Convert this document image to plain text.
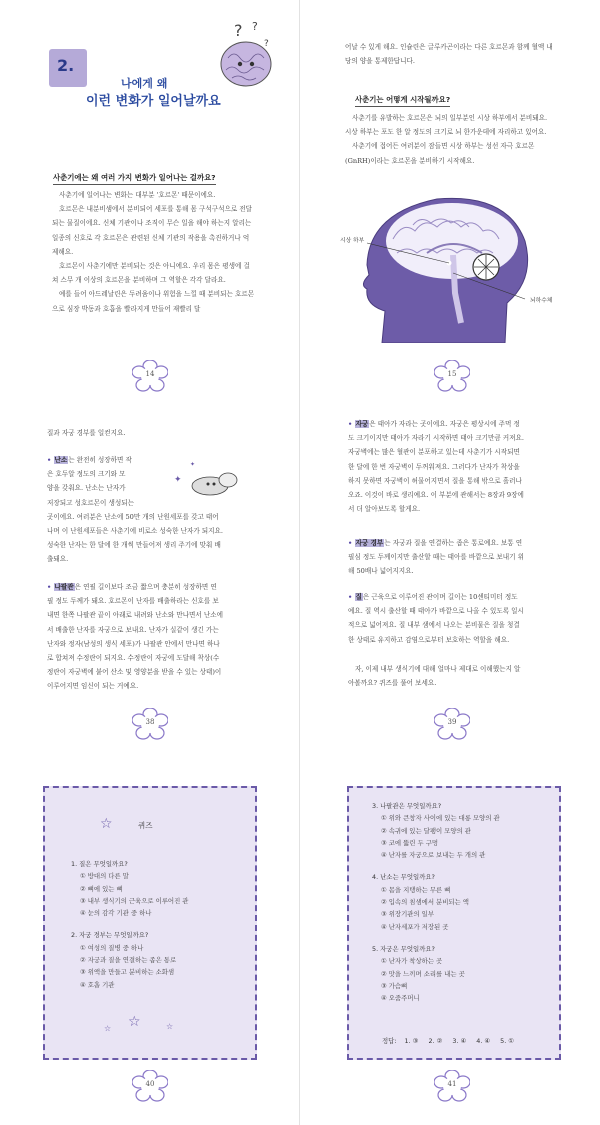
2.
나에게 왜
이런 변화가 일어날까요
? ?
?
사춘기에는 왜 여러 가지 변화가 일어나는 걸까요?

사춘기에 일어나는 변화는 대부분 '호르몬' 때문이에요.

호르몬은 내분비샘에서 분비되어 세포를 통해 몸 구석구석으로 전달되는 물질이에요. 신체 기관이나 조직이 무슨 일을 해야 하는지 알리는 일종의 신호로 각 호르몬은 관련된 신체 기관의 작용을 촉진하거나 억제해요.

호르몬이 사춘기에만 분비되는 것은 아니에요. 우리 몸은 평생에 걸쳐 스무 개 이상의 호르몬을 분비하며 그 역할은 각각 달라요.

예를 들어 아드레날린은 두려움이나 위험을 느낄 때 분비되는 호르몬으로 심장 박동과 호흡을 빨라지게 만들어 재빨리 달

14

어날 수 있게 해요. 인슐린은 글루카곤이라는 다른 호르몬과 함께 혈액 내 당의 양을 통제한답니다.

사춘기는 어떻게 시작될까요?

사춘기를 유발하는 호르몬은 뇌의 일부분인 시상 하부에서 분비돼요. 시상 하부는 포도 한 알 정도의 크기로 뇌 한가운데에 자리하고 있어요.

사춘기에 접어든 여러분이 잠들면 시상 하부는 성선 자극 호르몬(GnRH)이라는 호르몬을 분비하기 시작해요.

시상 하부
뇌하수체
15
질과 자궁 경부를 일컫지요.
• 난소는 완전히 성장하면 작
은 호두알 정도의 크기와 모
양을 갖춰요. 난소는 난자가
저장되고 성호르몬이 생성되는
곳이에요. 여러분은 난소에 50만 개의 난원세포를 갖고 태어
나며 이 난원세포들은 사춘기에 비로소 성숙한 난자가 되지요.
성숙한 난자는 한 달에 한 개씩 만들어져 생리 주기에 맞춰 배
출돼요.
✦
✦
• 나팔관은 연필 길이보다 조금 짧으며 충분히 성장하면 연
필 정도 두께가 돼요. 호르몬이 난자를 배출하라는 신호를 보
내면 한쪽 나팔관 끝이 아래로 내려와 난소와 만나면서 난소에
서 배출한 난자를 자궁으로 보내요. 난자가 실같이 생긴 가는
난자와 정자(남성의 생식 세포)가 나팔관 안에서 만나면 하나
로 합쳐져 수정란이 되지요. 수정란이 자궁에 도달해 착상(수
정란이 자궁벽에 붙어 산소 및 영양분을 받을 수 있는 상태)이
이루어지면 임신이 되는 거예요.
38
• 자궁은 태아가 자라는 곳이에요. 자궁은 평상시에 주먹 정
도 크기이지만 태아가 자라기 시작하면 태아 크기만큼 커져요.
자궁벽에는 많은 혈관이 분포하고 있는데 사춘기가 시작되면
한 달에 한 번 자궁벽이 두꺼워져요. 그러다가 난자가 착상을
하지 못하면 자궁벽이 허물어지면서 질을 통해 밖으로 흘러나
오죠. 이것이 바로 생리예요. 이 부분에 관해서는 8장과 9장에
서 더 알아보도록 할게요.
• 자궁 경부는 자궁과 질을 연결하는 좁은 통로예요. 보통 연
필심 정도 두께이지만 출산할 때는 태아를 바깥으로 보내기 위
해 50배나 넓어지지요.
• 질은 근육으로 이루어진 관이며 길이는 10센티미터 정도
예요. 질 역시 출산할 때 태아가 바깥으로 나올 수 있도록 일시
적으로 넓어져요. 질 내부 샘에서 나오는 분비물은 질을 청결
한 상태로 유지하고 감염으로부터 보호하는 역할을 해요.
자, 이제 내부 생식기에 대해 얼마나 제대로 이해했는지 알
아볼까요? 퀴즈를 풀어 보세요.
39
☆	퀴즈
1. 질은 무엇일까요?
① 방대의 다른 말
② 뼈에 있는 뼈
③ 내부 생식기의 근육으로 이루어진 관
④ 눈의 감각 기관 중 하나
2. 자궁 경부는 무엇일까요?
① 여성의 질병 중 하나
② 자궁과 질을 연결하는 좁은 통로
③ 위액을 만들고 분비하는 소화샘
④ 호흡 기관
☆ ☆	☆
40
3. 나팔관은 무엇일까요?
① 위와 큰창자 사이에 있는 대롱 모양의 관
② 속귀에 있는 달팽이 모양의 관
③ 코에 뚫린 두 구멍
④ 난자를 자궁으로 보내는 두 개의 관
4. 난소는 무엇일까요?
① 몸을 지탱하는 무른 뼈
② 입속의 침샘에서 분비되는 액
③ 위장기관의 일부
④ 난자세포가 저장된 곳
5. 자궁은 무엇일까요?
① 난자가 착상하는 곳
② 맛을 느끼며 소리를 내는 곳
③ 가슴뼈
④ 오줌주머니
정답: 1. ③ 2. ② 3. ④ 4. ④ 5. ①
41
